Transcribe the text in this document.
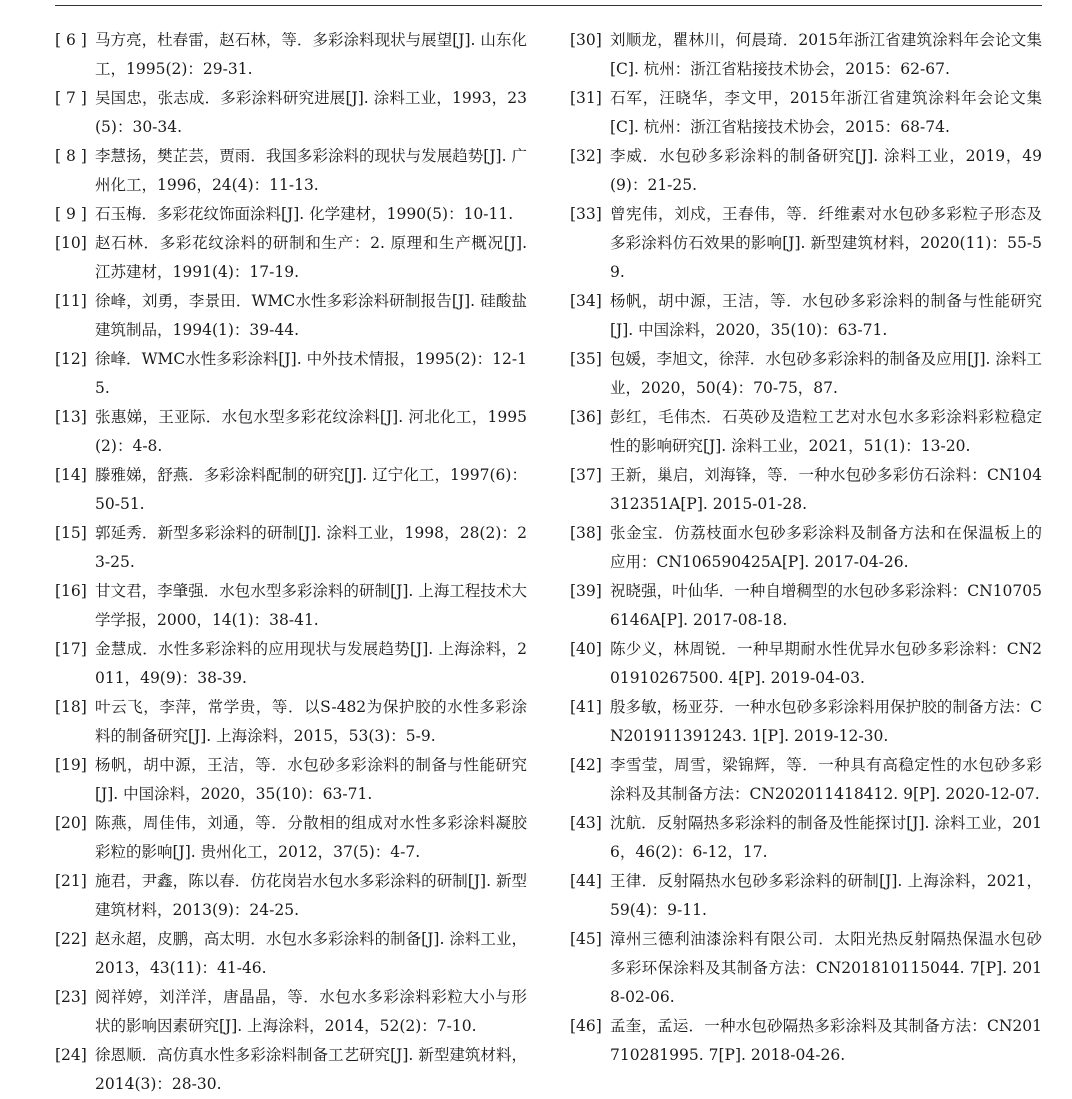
[ 6 ] 马方亮，杜春雷，赵石林，等．多彩涂料现状与展望[J]. 山东化工，1995(2)：29-31.
[ 7 ] 吴国忠，张志成．多彩涂料研究进展[J]. 涂料工业，1993，23(5)：30-34.
[ 8 ] 李慧扬，樊芷芸，贾雨．我国多彩涂料的现状与发展趋势[J]. 广州化工，1996，24(4)：11-13.
[ 9 ] 石玉梅．多彩花纹饰面涂料[J]. 化学建材，1990(5)：10-11.
[10] 赵石林．多彩花纹涂料的研制和生产：2. 原理和生产概况[J]. 江苏建材，1991(4)：17-19.
[11] 徐峰，刘勇，李景田．WMC水性多彩涂料研制报告[J]. 硅酸盐建筑制品，1994(1)：39-44.
[12] 徐峰．WMC水性多彩涂料[J]. 中外技术情报，1995(2)：12-15.
[13] 张惠娣，王亚际．水包水型多彩花纹涂料[J]. 河北化工，1995(2)：4-8.
[14] 滕雅娣，舒燕．多彩涂料配制的研究[J]. 辽宁化工，1997(6)：50-51.
[15] 郭延秀．新型多彩涂料的研制[J]. 涂料工业，1998，28(2)：23-25.
[16] 甘文君，李肇强．水包水型多彩涂料的研制[J]. 上海工程技术大学学报，2000，14(1)：38-41.
[17] 金慧成．水性多彩涂料的应用现状与发展趋势[J]. 上海涂料，2011，49(9)：38-39.
[18] 叶云飞，李萍，常学贵，等．以S-482为保护胶的水性多彩涂料的制备研究[J]. 上海涂料，2015，53(3)：5-9.
[19] 杨帆，胡中源，王洁，等．水包砂多彩涂料的制备与性能研究[J]. 中国涂料，2020，35(10)：63-71.
[20] 陈燕，周佳伟，刘通，等．分散相的组成对水性多彩涂料凝胶彩粒的影响[J]. 贵州化工，2012，37(5)：4-7.
[21] 施君，尹鑫，陈以春．仿花岗岩水包水多彩涂料的研制[J]. 新型建筑材料，2013(9)：24-25.
[22] 赵永超，皮鹏，高太明．水包水多彩涂料的制备[J]. 涂料工业，2013，43(11)：41-46.
[23] 阅祥婷，刘洋洋，唐晶晶，等．水包水多彩涂料彩粒大小与形状的影响因素研究[J]. 上海涂料，2014，52(2)：7-10.
[24] 徐恩顺．高仿真水性多彩涂料制备工艺研究[J]. 新型建筑材料，2014(3)：28-30.
[30] 刘顺龙，瞿林川，何晨琦．2015年浙江省建筑涂料年会论文集[C]. 杭州：浙江省粘接技术协会，2015：62-67.
[31] 石军，汪晓华，李文甲，2015年浙江省建筑涂料年会论文集[C]. 杭州：浙江省粘接技术协会，2015：68-74.
[32] 李威．水包砂多彩涂料的制备研究[J]. 涂料工业，2019，49(9)：21-25.
[33] 曾宪伟，刘戍，王春伟，等．纤维素对水包砂多彩粒子形态及多彩涂料仿石效果的影响[J]. 新型建筑材料，2020(11)：55-59.
[34] 杨帆，胡中源，王洁，等．水包砂多彩涂料的制备与性能研究[J]. 中国涂料，2020，35(10)：63-71.
[35] 包媛，李旭文，徐萍．水包砂多彩涂料的制备及应用[J]. 涂料工业，2020，50(4)：70-75，87.
[36] 彭红，毛伟杰．石英砂及造粒工艺对水包水多彩涂料彩粒稳定性的影响研究[J]. 涂料工业，2021，51(1)：13-20.
[37] 王新，巢启，刘海锋，等．一种水包砂多彩仿石涂料：CN104312351A[P]. 2015-01-28.
[38] 张金宝．仿荔枝面水包砂多彩涂料及制备方法和在保温板上的应用：CN106590425A[P]. 2017-04-26.
[39] 祝晓强，叶仙华．一种自增稠型的水包砂多彩涂料：CN107056146A[P]. 2017-08-18.
[40] 陈少义，林周锐．一种早期耐水性优异水包砂多彩涂料：CN201910267500. 4[P]. 2019-04-03.
[41] 殷多敏，杨亚芬．一种水包砂多彩涂料用保护胶的制备方法：CN201911391243. 1[P]. 2019-12-30.
[42] 李雪莹，周雪，梁锦辉，等．一种具有高稳定性的水包砂多彩涂料及其制备方法：CN202011418412. 9[P]. 2020-12-07.
[43] 沈航．反射隔热多彩涂料的制备及性能探讨[J]. 涂料工业，2016，46(2)：6-12，17.
[44] 王律．反射隔热水包砂多彩涂料的研制[J]. 上海涂料，2021，59(4)：9-11.
[45] 漳州三德利油漆涂料有限公司．太阳光热反射隔热保温水包砂多彩环保涂料及其制备方法：CN201810115044. 7[P]. 2018-02-06.
[46] 孟奎，孟运．一种水包砂隔热多彩涂料及其制备方法：CN201710281995. 7[P]. 2018-04-26.
